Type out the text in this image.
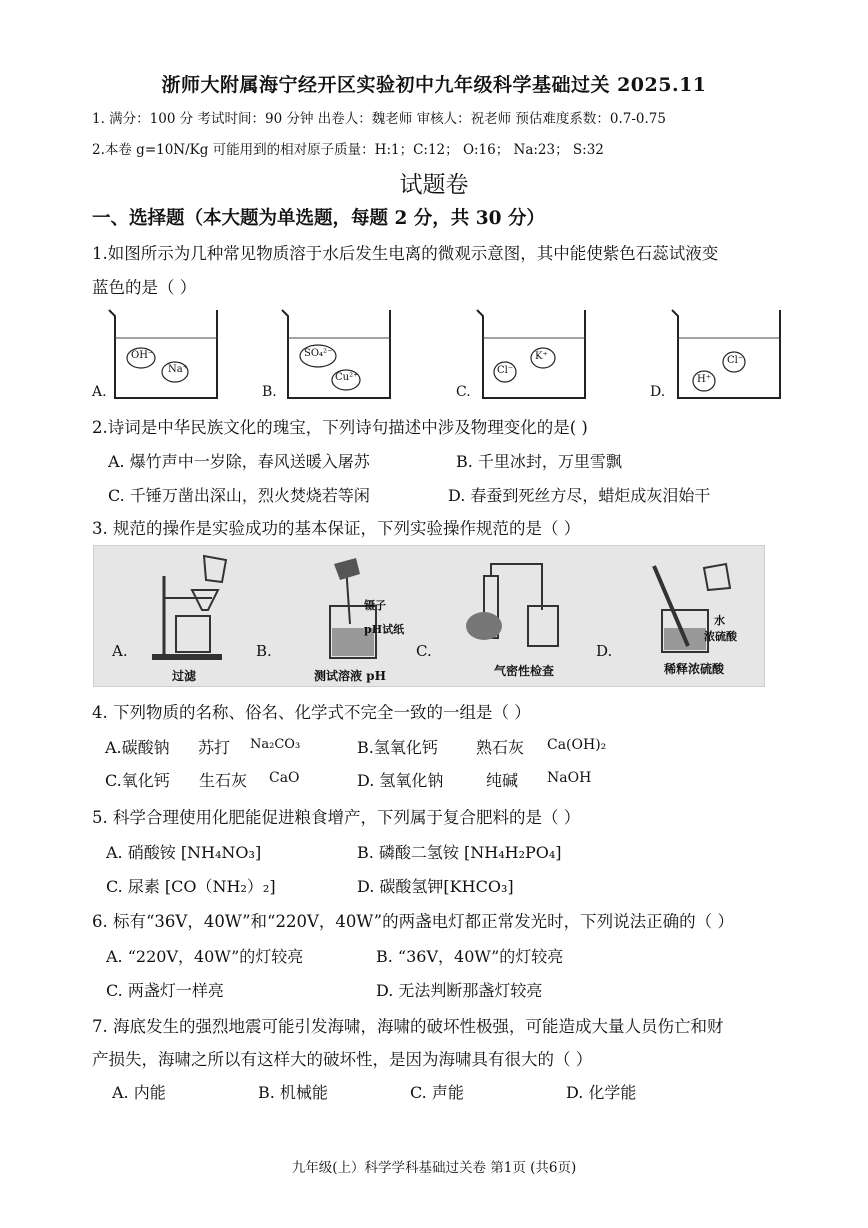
浙师大附属海宁经开区实验初中九年级科学基础过关 2025.11
1. 满分：100 分 考试时间：90 分钟 出卷人：魏老师 审核人：祝老师 预估难度系数：0.7-0.75
2.本卷 g=10N/Kg 可能用到的相对原子质量：H:1；C:12； O:16； Na:23； S:32
试题卷
一、选择题（本大题为单选题，每题 2 分，共 30 分）
1.如图所示为几种常见物质溶于水后发生电离的微观示意图，其中能使紫色石蕊试液变
蓝色的是（ ）
A.
OH⁻
Na⁺
B.
SO₄²⁻
Cu²⁺
C.
Cl⁻
K⁺
D.
Cl⁻
H⁺
2.诗词是中华民族文化的瑰宝，下列诗句描述中涉及物理变化的是( )
A. 爆竹声中一岁除，春风送暖入屠苏	B. 千里冰封，万里雪飘
C. 千锤万凿出深山，烈火焚烧若等闲	D. 春蚕到死丝方尽，蜡炬成灰泪始干
3. 规范的操作是实验成功的基本保证，下列实验操作规范的是（ ）
A.	B.	C.	D.
过滤	测试溶液 pH	气密性检查	稀释浓硫酸
镊子
pH试纸
水
浓硫酸
4. 下列物质的名称、俗名、化学式不完全一致的一组是（ ）
A.碳酸钠 苏打 Na₂CO₃	B.氢氧化钙 熟石灰 Ca(OH)₂
C.氧化钙 生石灰 CaO	D. 氢氧化钠	纯碱 NaOH
5. 科学合理使用化肥能促进粮食增产，下列属于复合肥料的是（ ）
A. 硝酸铵 [NH₄NO₃]	B. 磷酸二氢铵 [NH₄H₂PO₄]
C. 尿素 [CO（NH₂）₂]	D. 碳酸氢钾[KHCO₃]
6. 标有“36V，40W”和“220V，40W”的两盏电灯都正常发光时，下列说法正确的（ ）
A. “220V，40W”的灯较亮	B. “36V，40W”的灯较亮
C. 两盏灯一样亮	D. 无法判断那盏灯较亮
7. 海底发生的强烈地震可能引发海啸，海啸的破坏性极强，可能造成大量人员伤亡和财
产损失，海啸之所以有这样大的破坏性，是因为海啸具有很大的（ ）
A. 内能	B. 机械能	C. 声能	D. 化学能
九年级(上）科学学科基础过关卷 第1页 (共6页)
